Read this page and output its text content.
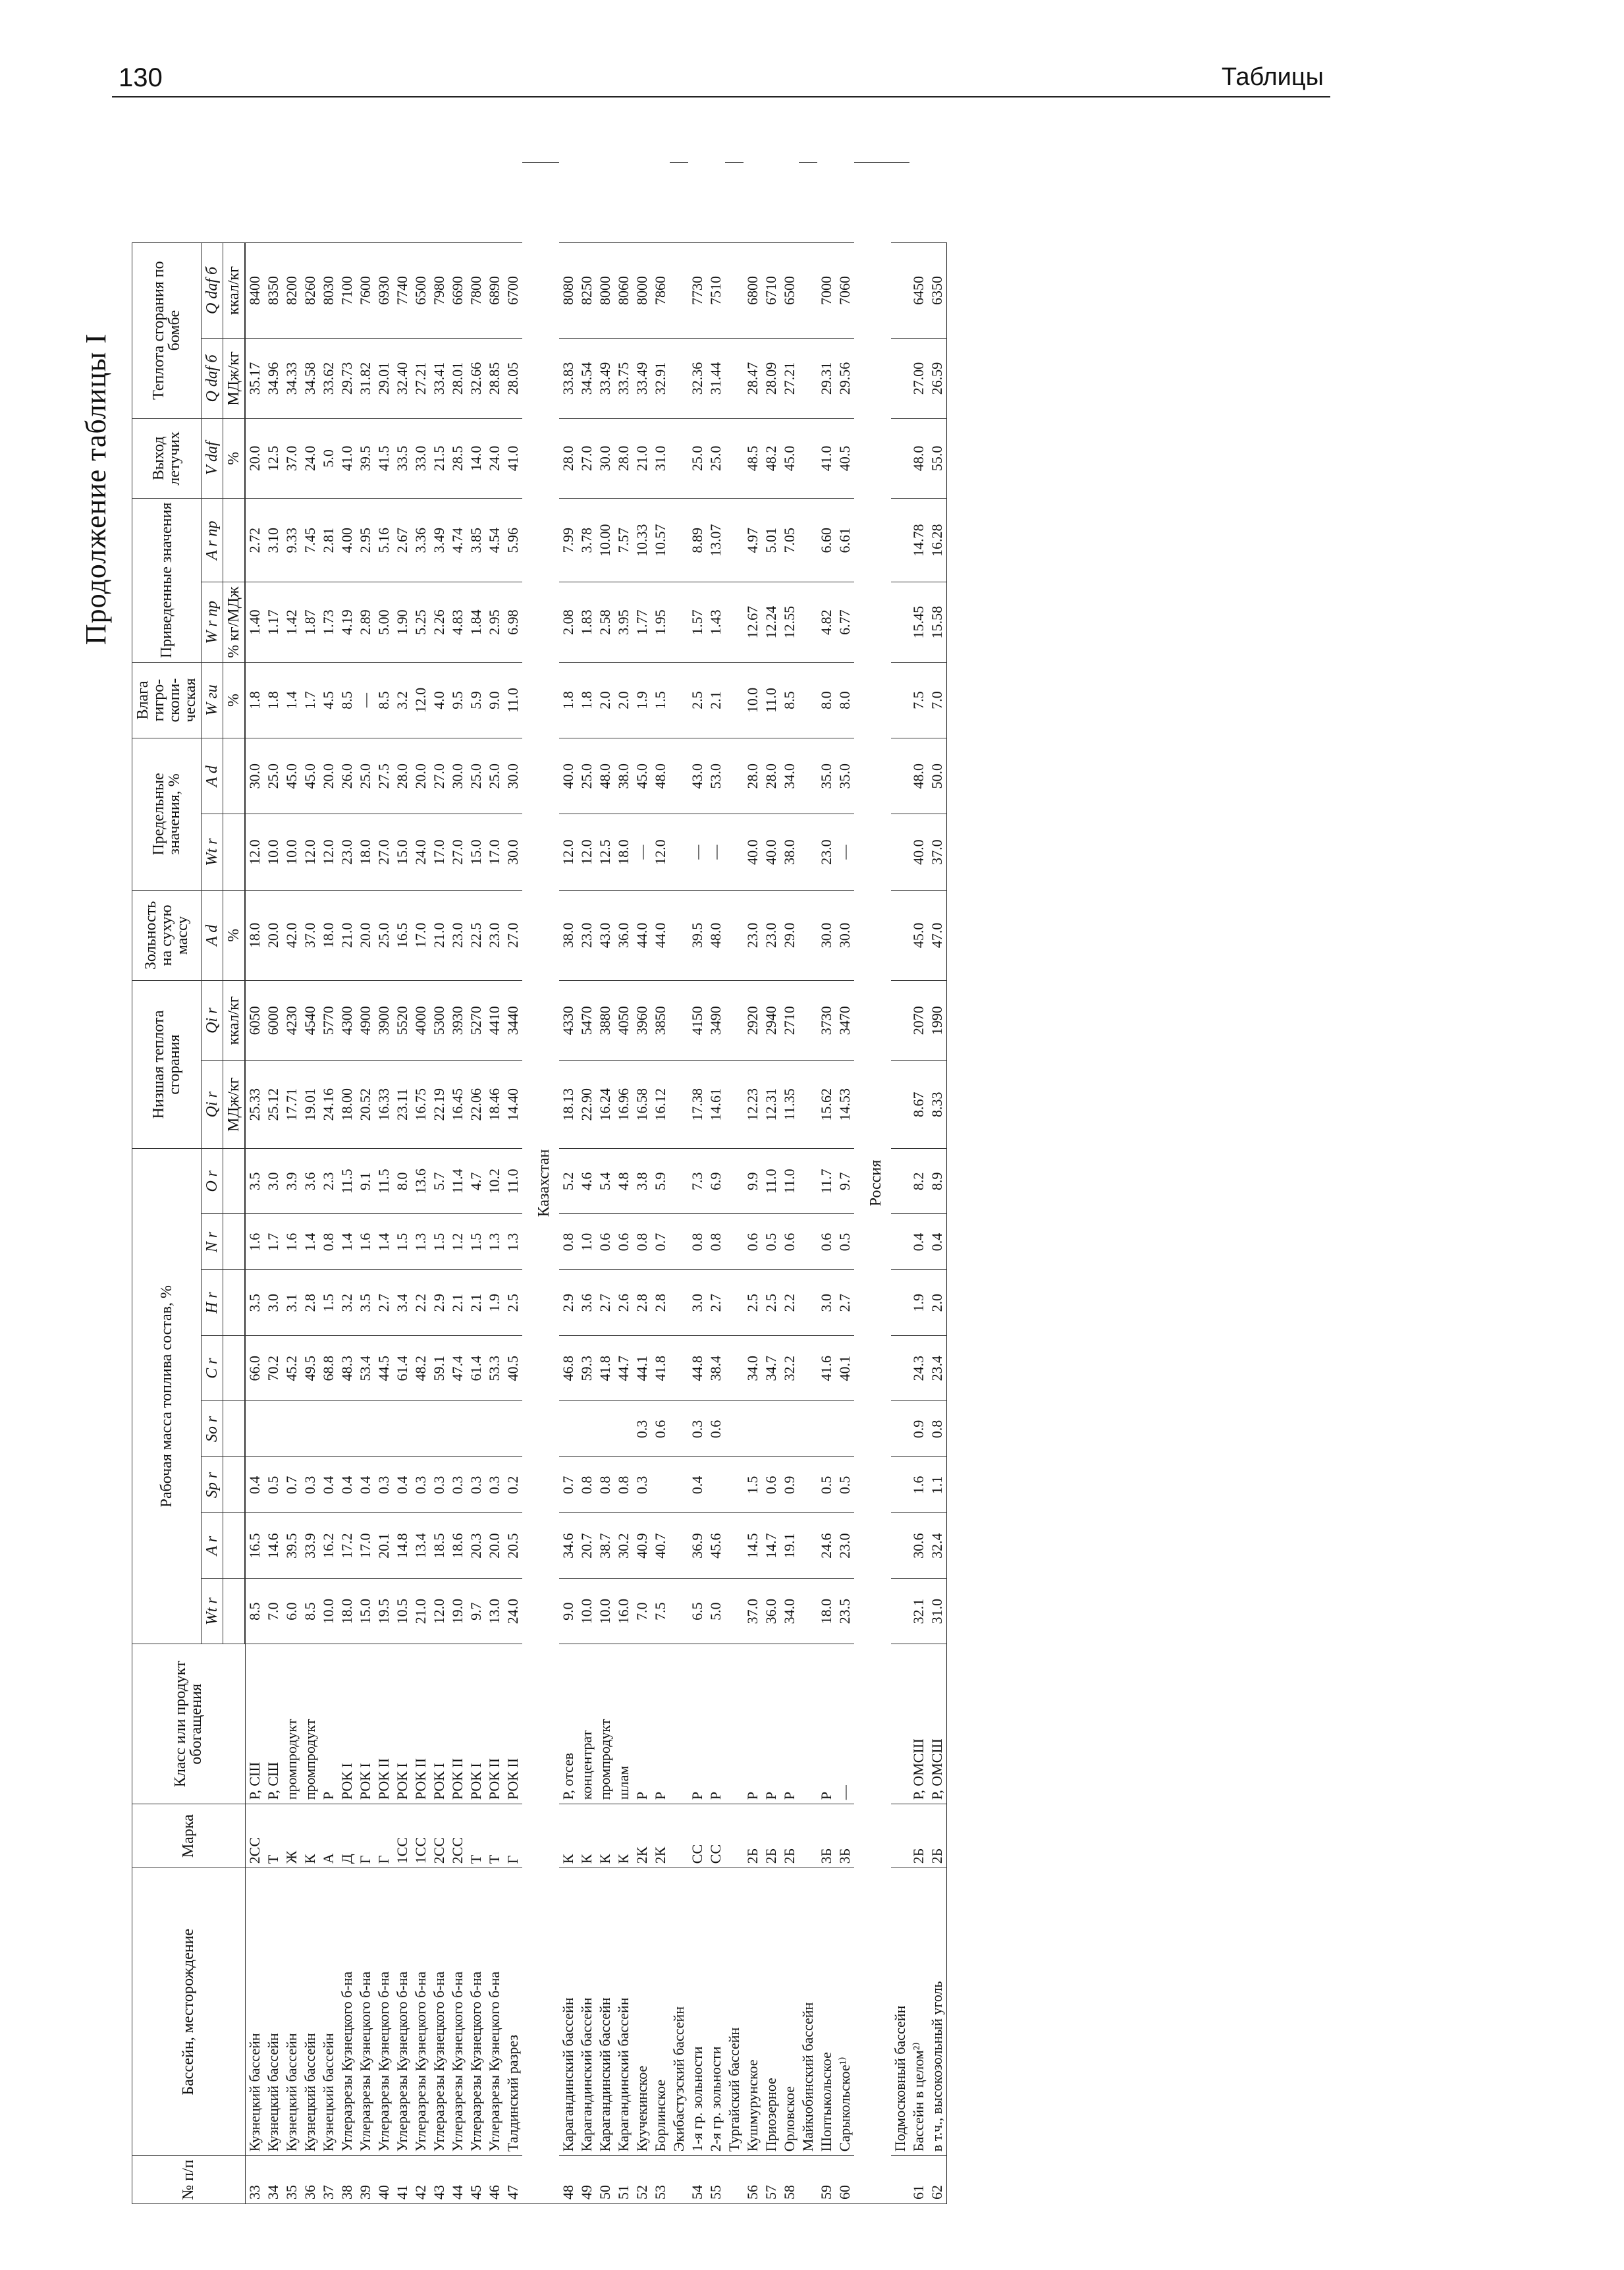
130	Таблицы
Продолжение таблицы I
№ п/п	Бассейн, месторождение	Марка	Класс или продукт обогащения	Рабочая масса топлива состав, %								Низшая теплота сгорания		Зольность на сухую массу	Предельные значения, %		Влага гигро-скопи-ческая	Приведенные значения		Выход летучих	Теплота сгорания по бомбе		
				Wt r	A r	Sp r	So r	C r	H r	N r	O r	Qi r	Qi r	A d	Wt r	A d	W ги	W r пр	A r пр	V daf	Q daf б	Q daf б	
												МДж/кг	ккал/кг	%			%	% кг/МДж		%	МДж/кг	ккал/кг	
33	Кузнецкий бассейн	2СС	Р, СШ	8.5	16.5	0.4		66.0	3.5	1.6	3.5	25.33	6050	18.0	12.0	30.0	1.8	1.40	2.72	20.0	35.17	8400	
34	Кузнецкий бассейн	Т	Р, СШ	7.0	14.6	0.5		70.2	3.0	1.7	3.0	25.12	6000	20.0	10.0	25.0	1.8	1.17	3.10	12.5	34.96	8350	
35	Кузнецкий бассейн	Ж	промпродукт	6.0	39.5	0.7		45.2	3.1	1.6	3.9	17.71	4230	42.0	10.0	45.0	1.4	1.42	9.33	37.0	34.33	8200	
36	Кузнецкий бассейн	К	промпродукт	8.5	33.9	0.3		49.5	2.8	1.4	3.6	19.01	4540	37.0	12.0	45.0	1.7	1.87	7.45	24.0	34.58	8260	
37	Кузнецкий бассейн	А	Р	10.0	16.2	0.4		68.8	1.5	0.8	2.3	24.16	5770	18.0	12.0	20.0	4.5	1.73	2.81	5.0	33.62	8030	
38	Углеразрезы Кузнецкого б-на	Д	РОК I	18.0	17.2	0.4		48.3	3.2	1.4	11.5	18.00	4300	21.0	23.0	26.0	8.5	4.19	4.00	41.0	29.73	7100	
39	Углеразрезы Кузнецкого б-на	Г	РОК I	15.0	17.0	0.4		53.4	3.5	1.6	9.1	20.52	4900	20.0	18.0	25.0	—	2.89	2.95	39.5	31.82	7600	
40	Углеразрезы Кузнецкого б-на	Г	РОК II	19.5	20.1	0.3		44.5	2.7	1.4	11.5	16.33	3900	25.0	27.0	27.5	8.5	5.00	5.16	41.5	29.01	6930	
41	Углеразрезы Кузнецкого б-на	1СС	РОК I	10.5	14.8	0.4		61.4	3.4	1.5	8.0	23.11	5520	16.5	15.0	28.0	3.2	1.90	2.67	33.5	32.40	7740	
42	Углеразрезы Кузнецкого б-на	1СС	РОК II	21.0	13.4	0.3		48.2	2.2	1.3	13.6	16.75	4000	17.0	24.0	20.0	12.0	5.25	3.36	33.0	27.21	6500	
43	Углеразрезы Кузнецкого б-на	2СС	РОК I	12.0	18.5	0.3		59.1	2.9	1.5	5.7	22.19	5300	21.0	17.0	27.0	4.0	2.26	3.49	21.5	33.41	7980	
44	Углеразрезы Кузнецкого б-на	2СС	РОК II	19.0	18.6	0.3		47.4	2.1	1.2	11.4	16.45	3930	23.0	27.0	30.0	9.5	4.83	4.74	28.5	28.01	6690	
45	Углеразрезы Кузнецкого б-на	Т	РОК I	9.7	20.3	0.3		61.4	2.1	1.5	4.7	22.06	5270	22.5	15.0	25.0	5.9	1.84	3.85	14.0	32.66	7800	
46	Углеразрезы Кузнецкого б-на	Т	РОК II	13.0	20.0	0.3		53.3	1.9	1.3	10.2	18.46	4410	23.0	17.0	25.0	9.0	2.95	4.54	24.0	28.85	6890	
47	Талдинский разрез	Г	РОК II	24.0	20.5	0.2		40.5	2.5	1.3	11.0	14.40	3440	27.0	30.0	30.0	11.0	6.98	5.96	41.0	28.05	6700	
Казахстан																							
48	Карагандинский бассейн	К	Р, отсев	9.0	34.6	0.7		46.8	2.9	0.8	5.2	18.13	4330	38.0	12.0	40.0	1.8	2.08	7.99	28.0	33.83	8080	
49	Карагандинский бассейн	К	концентрат	10.0	20.7	0.8		59.3	3.6	1.0	4.6	22.90	5470	23.0	12.0	25.0	1.8	1.83	3.78	27.0	34.54	8250	
50	Карагандинский бассейн	К	промпродукт	10.0	38.7	0.8		41.8	2.7	0.6	5.4	16.24	3880	43.0	12.5	48.0	2.0	2.58	10.00	30.0	33.49	8000	
51	Карагандинский бассейн	К	шлам	16.0	30.2	0.8		44.7	2.6	0.6	4.8	16.96	4050	36.0	18.0	38.0	2.0	3.95	7.57	28.0	33.75	8060	
52	Куучекинское	2К	Р	7.0	40.9	0.3	0.3	44.1	2.8	0.8	3.8	16.58	3960	44.0	—	45.0	1.9	1.77	10.33	21.0	33.49	8000	
53	Борлинское	2К	Р	7.5	40.7		0.6	41.8	2.8	0.7	5.9	16.12	3850	44.0	12.0	48.0	1.5	1.95	10.57	31.0	32.91	7860	
	Экибастузский бассейн																						
54	1-я гр. зольности	СС	Р	6.5	36.9	0.4	0.3	44.8	3.0	0.8	7.3	17.38	4150	39.5	—	43.0	2.5	1.57	8.89	25.0	32.36	7730	
55	2-я гр. зольности	СС	Р	5.0	45.6		0.6	38.4	2.7	0.8	6.9	14.61	3490	48.0	—	53.0	2.1	1.43	13.07	25.0	31.44	7510	
	Тургайский бассейн																						
56	Кушмурунское	2Б	Р	37.0	14.5	1.5		34.0	2.5	0.6	9.9	12.23	2920	23.0	40.0	28.0	10.0	12.67	4.97	48.5	28.47	6800	
57	Приозерное	2Б	Р	36.0	14.7	0.6		34.7	2.5	0.5	11.0	12.31	2940	23.0	40.0	28.0	11.0	12.24	5.01	48.2	28.09	6710	
58	Орловское	2Б	Р	34.0	19.1	0.9		32.2	2.2	0.6	11.0	11.35	2710	29.0	38.0	34.0	8.5	12.55	7.05	45.0	27.21	6500	
	Майкюбинский бассейн																						
59	Шоптыкольское	3Б	Р	18.0	24.6	0.5		41.6	3.0	0.6	11.7	15.62	3730	30.0	23.0	35.0	8.0	4.82	6.60	41.0	29.31	7000	
60	Сарыкольское¹⁾	3Б	—	23.5	23.0	0.5		40.1	2.7	0.5	9.7	14.53	3470	30.0	—	35.0	8.0	6.77	6.61	40.5	29.56	7060	
Россия																							
	Подмосковный бассейн																						
61	Бассейн в целом²⁾	2Б	Р, ОМСШ	32.1	30.6	1.6	0.9	24.3	1.9	0.4	8.2	8.67	2070	45.0	40.0	48.0	7.5	15.45	14.78	48.0	27.00	6450	
62	в т.ч., высокозольный уголь	2Б	Р, ОМСШ	31.0	32.4	1.1	0.8	23.4	2.0	0.4	8.9	8.33	1990	47.0	37.0	50.0	7.0	15.58	16.28	55.0	26.59	6350	
